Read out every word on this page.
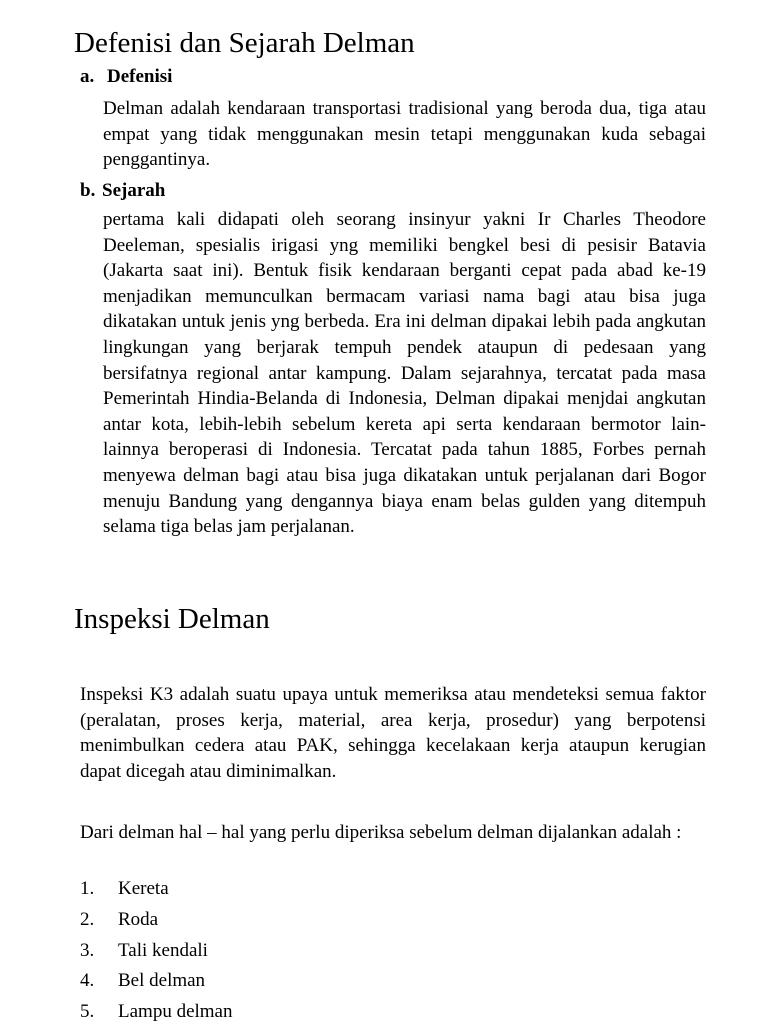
Defenisi dan Sejarah Delman
a. Defenisi

Delman adalah kendaraan transportasi tradisional yang beroda dua, tiga atau empat yang tidak menggunakan mesin tetapi menggunakan kuda sebagai penggantinya.

b. Sejarah

pertama kali didapati oleh seorang insinyur yakni Ir Charles Theodore Deeleman, spesialis irigasi yng memiliki bengkel besi di pesisir Batavia (Jakarta saat ini). Bentuk fisik kendaraan berganti cepat pada abad ke-19 menjadikan memunculkan bermacam variasi nama bagi atau bisa juga dikatakan untuk jenis yng berbeda. Era ini delman dipakai lebih pada angkutan lingkungan yang berjarak tempuh pendek ataupun di pedesaan yang bersifatnya regional antar kampung. Dalam sejarahnya, tercatat pada masa Pemerintah Hindia-Belanda di Indonesia, Delman dipakai menjdai angkutan antar kota, lebih-lebih sebelum kereta api serta kendaraan bermotor lain-lainnya beroperasi di Indonesia. Tercatat pada tahun 1885, Forbes pernah menyewa delman bagi atau bisa juga dikatakan untuk perjalanan dari Bogor menuju Bandung yang dengannya biaya enam belas gulden yang ditempuh selama tiga belas jam perjalanan.

Inspeksi Delman

Inspeksi K3 adalah suatu upaya untuk memeriksa atau mendeteksi semua faktor (peralatan, proses kerja, material, area kerja, prosedur) yang berpotensi menimbulkan cedera atau PAK, sehingga kecelakaan kerja ataupun kerugian dapat dicegah atau diminimalkan.

Dari delman hal – hal yang perlu diperiksa sebelum delman dijalankan adalah :

1. Kereta
2. Roda
3. Tali kendali
4. Bel delman
5. Lampu delman
